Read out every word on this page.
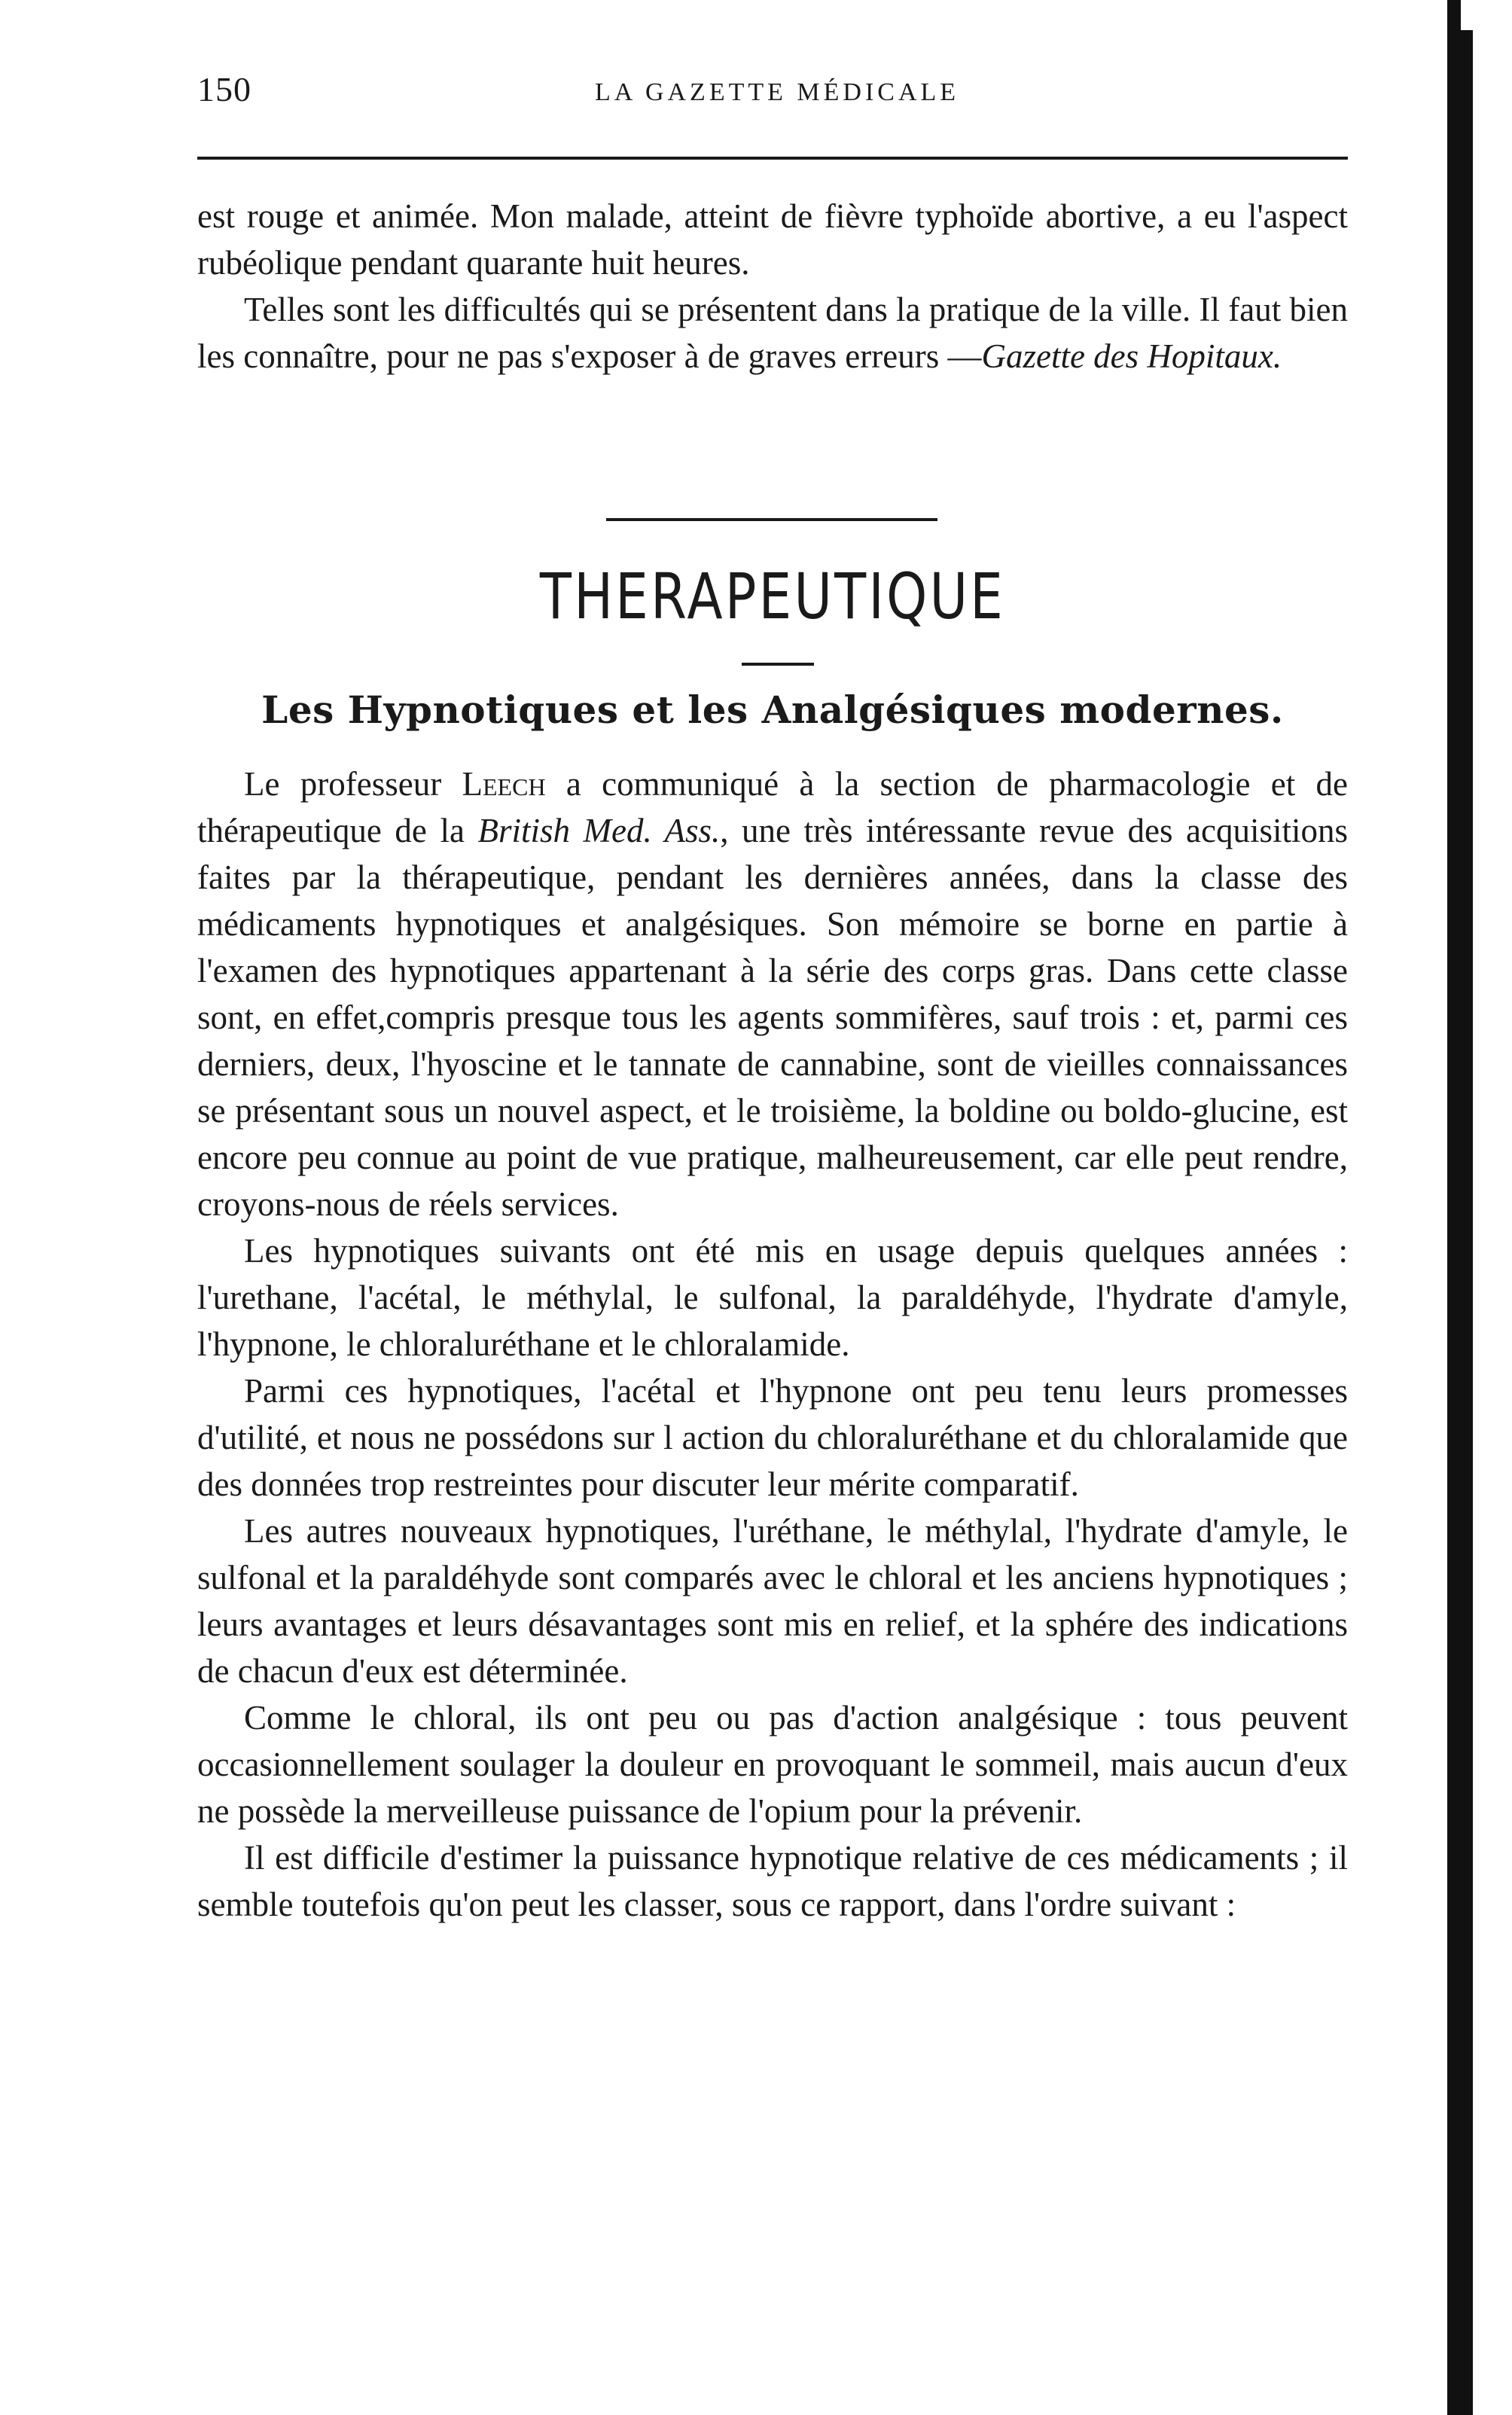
150	LA GAZETTE MÉDICALE

est rouge et animée. Mon malade, atteint de fièvre typhoïde abortive, a eu l'aspect rubéolique pendant quarante huit heures.

Telles sont les difficultés qui se présentent dans la pratique de la ville. Il faut bien les connaître, pour ne pas s'exposer à de graves erreurs —Gazette des Hopitaux.

THERAPEUTIQUE
Les Hypnotiques et les Analgésiques modernes.

Le professeur Leech a communiqué à la section de pharmacologie et de thérapeutique de la British Med. Ass., une très intéressante revue des acquisitions faites par la thérapeutique, pendant les dernières années, dans la classe des médicaments hypnotiques et analgésiques. Son mémoire se borne en partie à l'examen des hypnotiques appartenant à la série des corps gras. Dans cette classe sont, en effet,compris presque tous les agents sommifères, sauf trois : et, parmi ces derniers, deux, l'hyoscine et le tannate de cannabine, sont de vieilles connaissances se présentant sous un nouvel aspect, et le troisième, la boldine ou boldo-glucine, est encore peu connue au point de vue pratique, malheureusement, car elle peut rendre, croyons-nous de réels services.

Les hypnotiques suivants ont été mis en usage depuis quelques années : l'urethane, l'acétal, le méthylal, le sulfonal, la paraldéhyde, l'hydrate d'amyle, l'hypnone, le chloraluréthane et le chloralamide.

Parmi ces hypnotiques, l'acétal et l'hypnone ont peu tenu leurs promesses d'utilité, et nous ne possédons sur l action du chloraluréthane et du chloralamide que des données trop restreintes pour discuter leur mérite comparatif.

Les autres nouveaux hypnotiques, l'uréthane, le méthylal, l'hydrate d'amyle, le sulfonal et la paraldéhyde sont comparés avec le chloral et les anciens hypnotiques ; leurs avantages et leurs désavantages sont mis en relief, et la sphére des indications de chacun d'eux est déterminée.

Comme le chloral, ils ont peu ou pas d'action analgésique : tous peuvent occasionnellement soulager la douleur en provoquant le sommeil, mais aucun d'eux ne possède la merveilleuse puissance de l'opium pour la prévenir.

Il est difficile d'estimer la puissance hypnotique relative de ces médicaments ; il semble toutefois qu'on peut les classer, sous ce rapport, dans l'ordre suivant :
